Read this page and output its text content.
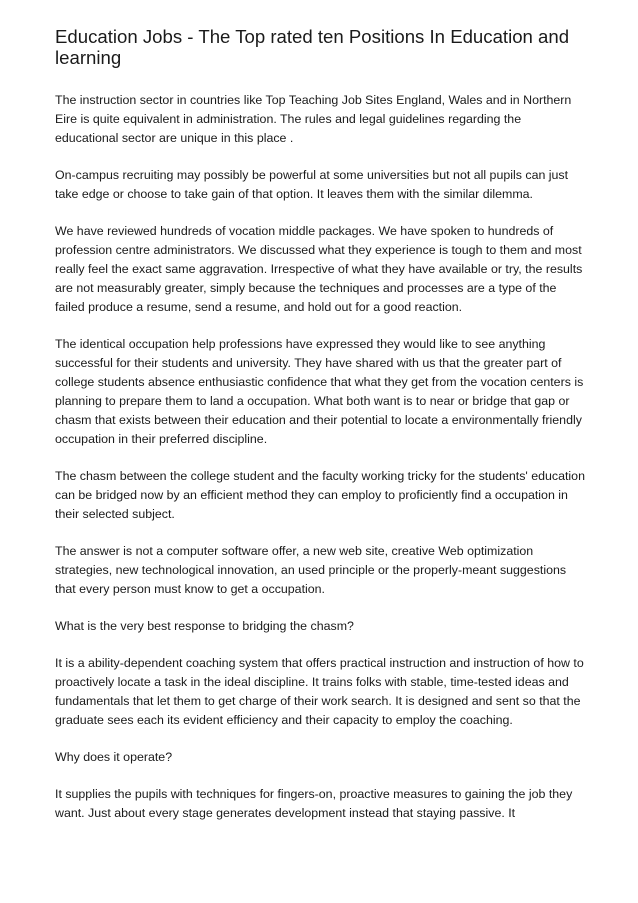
Education Jobs - The Top rated ten Positions In Education and learning

The instruction sector in countries like Top Teaching Job Sites England, Wales and in Northern Eire is quite equivalent in administration. The rules and legal guidelines regarding the educational sector are unique in this place .

On-campus recruiting may possibly be powerful at some universities but not all pupils can just take edge or choose to take gain of that option. It leaves them with the similar dilemma.

We have reviewed hundreds of vocation middle packages. We have spoken to hundreds of profession centre administrators. We discussed what they experience is tough to them and most really feel the exact same aggravation. Irrespective of what they have available or try, the results are not measurably greater, simply because the techniques and processes are a type of the failed produce a resume, send a resume, and hold out for a good reaction.

The identical occupation help professions have expressed they would like to see anything successful for their students and university. They have shared with us that the greater part of college students absence enthusiastic confidence that what they get from the vocation centers is planning to prepare them to land a occupation. What both want is to near or bridge that gap or chasm that exists between their education and their potential to locate a environmentally friendly occupation in their preferred discipline.

The chasm between the college student and the faculty working tricky for the students' education can be bridged now by an efficient method they can employ to proficiently find a occupation in their selected subject.

The answer is not a computer software offer, a new web site, creative Web optimization strategies, new technological innovation, an used principle or the properly-meant suggestions that every person must know to get a occupation.

What is the very best response to bridging the chasm?

It is a ability-dependent coaching system that offers practical instruction and instruction of how to proactively locate a task in the ideal discipline. It trains folks with stable, time-tested ideas and fundamentals that let them to get charge of their work search. It is designed and sent so that the graduate sees each its evident efficiency and their capacity to employ the coaching.

Why does it operate?

It supplies the pupils with techniques for fingers-on, proactive measures to gaining the job they want. Just about every stage generates development instead that staying passive. It
